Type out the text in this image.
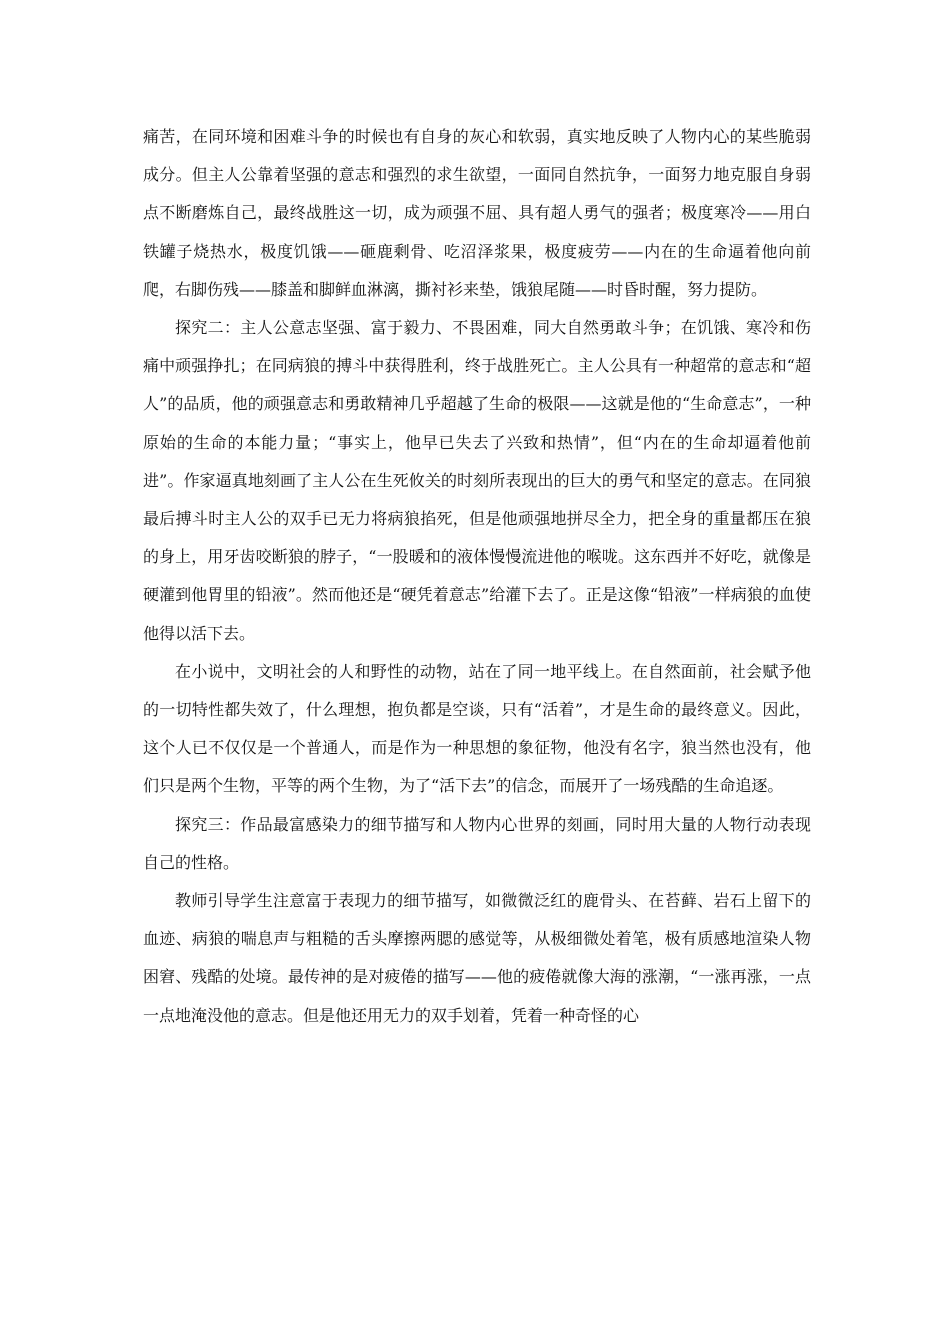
痛苦，在同环境和困难斗争的时候也有自身的灰心和软弱，真实地反映了人物内心的某些脆弱成分。但主人公靠着坚强的意志和强烈的求生欲望，一面同自然抗争，一面努力地克服自身弱点不断磨炼自己，最终战胜这一切，成为顽强不屈、具有超人勇气的强者；极度寒冷——用白铁罐子烧热水，极度饥饿——砸鹿剩骨、吃沼泽浆果，极度疲劳——内在的生命逼着他向前爬，右脚伤残——膝盖和脚鲜血淋漓，撕衬衫来垫，饿狼尾随——时昏时醒，努力提防。

探究二：主人公意志坚强、富于毅力、不畏困难，同大自然勇敢斗争；在饥饿、寒冷和伤痛中顽强挣扎；在同病狼的搏斗中获得胜利，终于战胜死亡。主人公具有一种超常的意志和“超人”的品质，他的顽强意志和勇敢精神几乎超越了生命的极限——这就是他的“生命意志”，一种原始的生命的本能力量；“事实上，他早已失去了兴致和热情”，但“内在的生命却逼着他前进”。作家逼真地刻画了主人公在生死攸关的时刻所表现出的巨大的勇气和坚定的意志。在同狼最后搏斗时主人公的双手已无力将病狼掐死，但是他顽强地拼尽全力，把全身的重量都压在狼的身上，用牙齿咬断狼的脖子，“一股暖和的液体慢慢流进他的喉咙。这东西并不好吃，就像是硬灌到他胃里的铅液”。然而他还是“硬凭着意志”给灌下去了。正是这像“铅液”一样病狼的血使他得以活下去。

在小说中，文明社会的人和野性的动物，站在了同一地平线上。在自然面前，社会赋予他的一切特性都失效了，什么理想，抱负都是空谈，只有“活着”，才是生命的最终意义。因此，这个人已不仅仅是一个普通人，而是作为一种思想的象征物，他没有名字，狼当然也没有，他们只是两个生物，平等的两个生物，为了“活下去”的信念，而展开了一场残酷的生命追逐。

探究三：作品最富感染力的细节描写和人物内心世界的刻画，同时用大量的人物行动表现自己的性格。

教师引导学生注意富于表现力的细节描写，如微微泛红的鹿骨头、在苔藓、岩石上留下的血迹、病狼的喘息声与粗糙的舌头摩擦两腮的感觉等，从极细微处着笔，极有质感地渲染人物困窘、残酷的处境。最传神的是对疲倦的描写——他的疲倦就像大海的涨潮，“一涨再涨，一点一点地淹没他的意志。但是他还用无力的双手划着，凭着一种奇怪的心
